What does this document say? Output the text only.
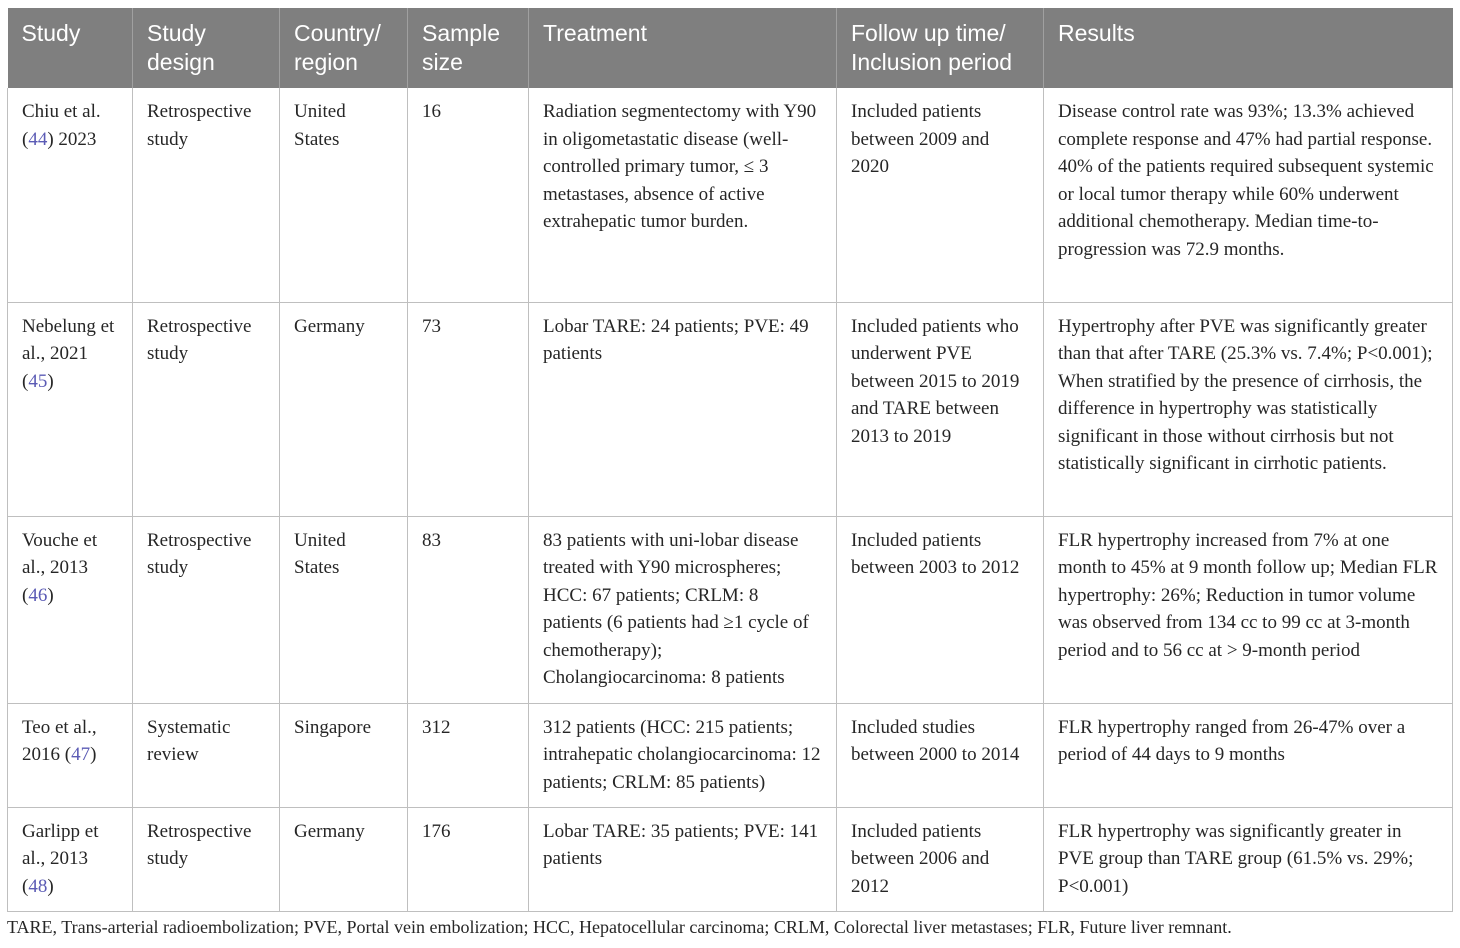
Study	Study design	Country/ region	Sample size	Treatment	Follow up time/ Inclusion period	Results
Chiu et al. (44) 2023	Retrospective study	United States	16	Radiation segmentectomy with Y90 in oligometastatic disease (well-controlled primary tumor, ≤ 3 metastases, absence of active extrahepatic tumor burden.	Included patients between 2009 and 2020	Disease control rate was 93%; 13.3% achieved complete response and 47% had partial response. 40% of the patients required subsequent systemic or local tumor therapy while 60% underwent additional chemotherapy. Median time-to-progression was 72.9 months.
Nebelung et al., 2021 (45)	Retrospective study	Germany	73	Lobar TARE: 24 patients; PVE: 49 patients	Included patients who underwent PVE between 2015 to 2019 and TARE between 2013 to 2019	Hypertrophy after PVE was significantly greater than that after TARE (25.3% vs. 7.4%; P<0.001); When stratified by the presence of cirrhosis, the difference in hypertrophy was statistically significant in those without cirrhosis but not statistically significant in cirrhotic patients.
Vouche et al., 2013 (46)	Retrospective study	United States	83	83 patients with uni-lobar disease treated with Y90 microspheres; HCC: 67 patients; CRLM: 8 patients (6 patients had ≥1 cycle of chemotherapy); Cholangiocarcinoma: 8 patients	Included patients between 2003 to 2012	FLR hypertrophy increased from 7% at one month to 45% at 9 month follow up; Median FLR hypertrophy: 26%; Reduction in tumor volume was observed from 134 cc to 99 cc at 3-month period and to 56 cc at > 9-month period
Teo et al., 2016 (47)	Systematic review	Singapore	312	312 patients (HCC: 215 patients; intrahepatic cholangiocarcinoma: 12 patients; CRLM: 85 patients)	Included studies between 2000 to 2014	FLR hypertrophy ranged from 26-47% over a period of 44 days to 9 months
Garlipp et al., 2013 (48)	Retrospective study	Germany	176	Lobar TARE: 35 patients; PVE: 141 patients	Included patients between 2006 and 2012	FLR hypertrophy was significantly greater in PVE group than TARE group (61.5% vs. 29%; P<0.001)
TARE, Trans-arterial radioembolization; PVE, Portal vein embolization; HCC, Hepatocellular carcinoma; CRLM, Colorectal liver metastases; FLR, Future liver remnant.
